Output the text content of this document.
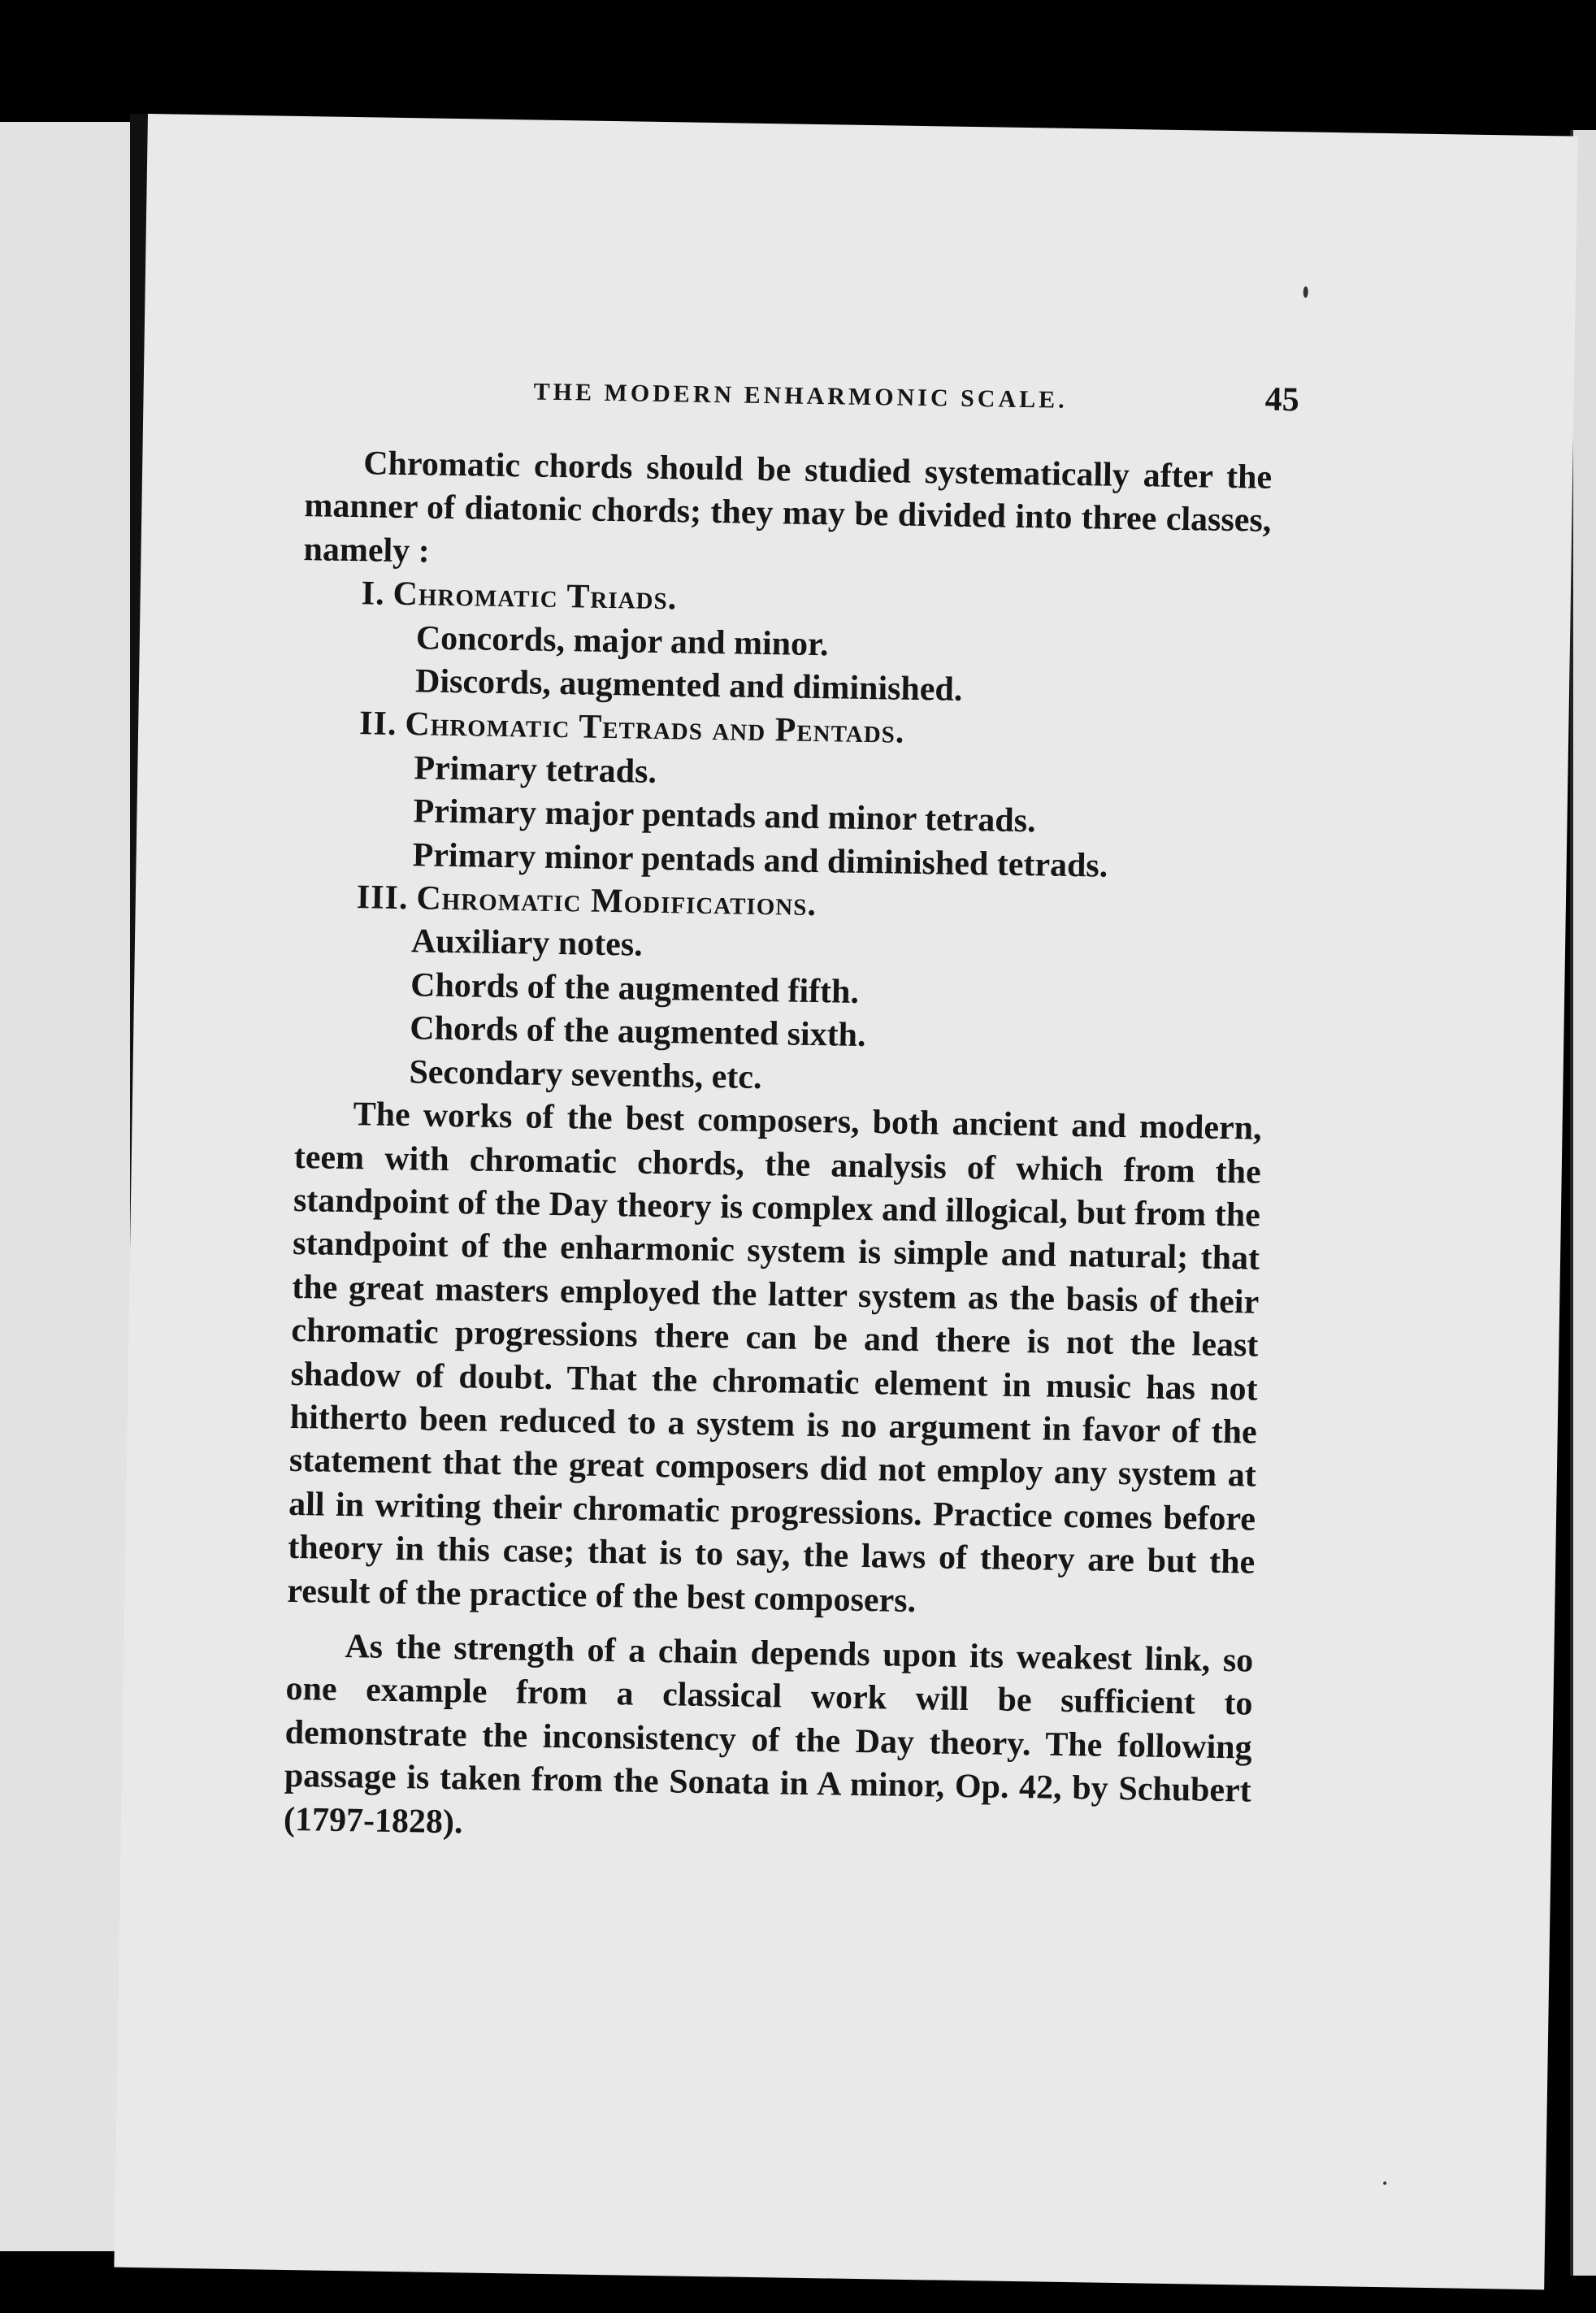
THE MODERN ENHARMONIC SCALE.	45

Chromatic chords should be studied systematically after the manner of diatonic chords; they may be divided into three classes, namely :

I. Chromatic Triads.
Concords, major and minor.
Discords, augmented and diminished.
II. Chromatic Tetrads and Pentads.
Primary tetrads.
Primary major pentads and minor tetrads.
Primary minor pentads and diminished tetrads.
III. Chromatic Modifications.
Auxiliary notes.
Chords of the augmented fifth.
Chords of the augmented sixth.
Secondary sevenths, etc.

The works of the best composers, both ancient and modern, teem with chromatic chords, the analysis of which from the standpoint of the Day theory is complex and illogical, but from the standpoint of the enharmonic system is simple and natural; that the great masters employed the latter system as the basis of their chromatic progressions there can be and there is not the least shadow of doubt. That the chromatic element in music has not hitherto been reduced to a system is no argument in favor of the statement that the great composers did not employ any system at all in writing their chromatic progressions. Practice comes before theory in this case; that is to say, the laws of theory are but the result of the practice of the best composers.

As the strength of a chain depends upon its weakest link, so one example from a classical work will be sufficient to demonstrate the inconsistency of the Day theory. The following passage is taken from the Sonata in A minor, Op. 42, by Schubert (1797-1828).
